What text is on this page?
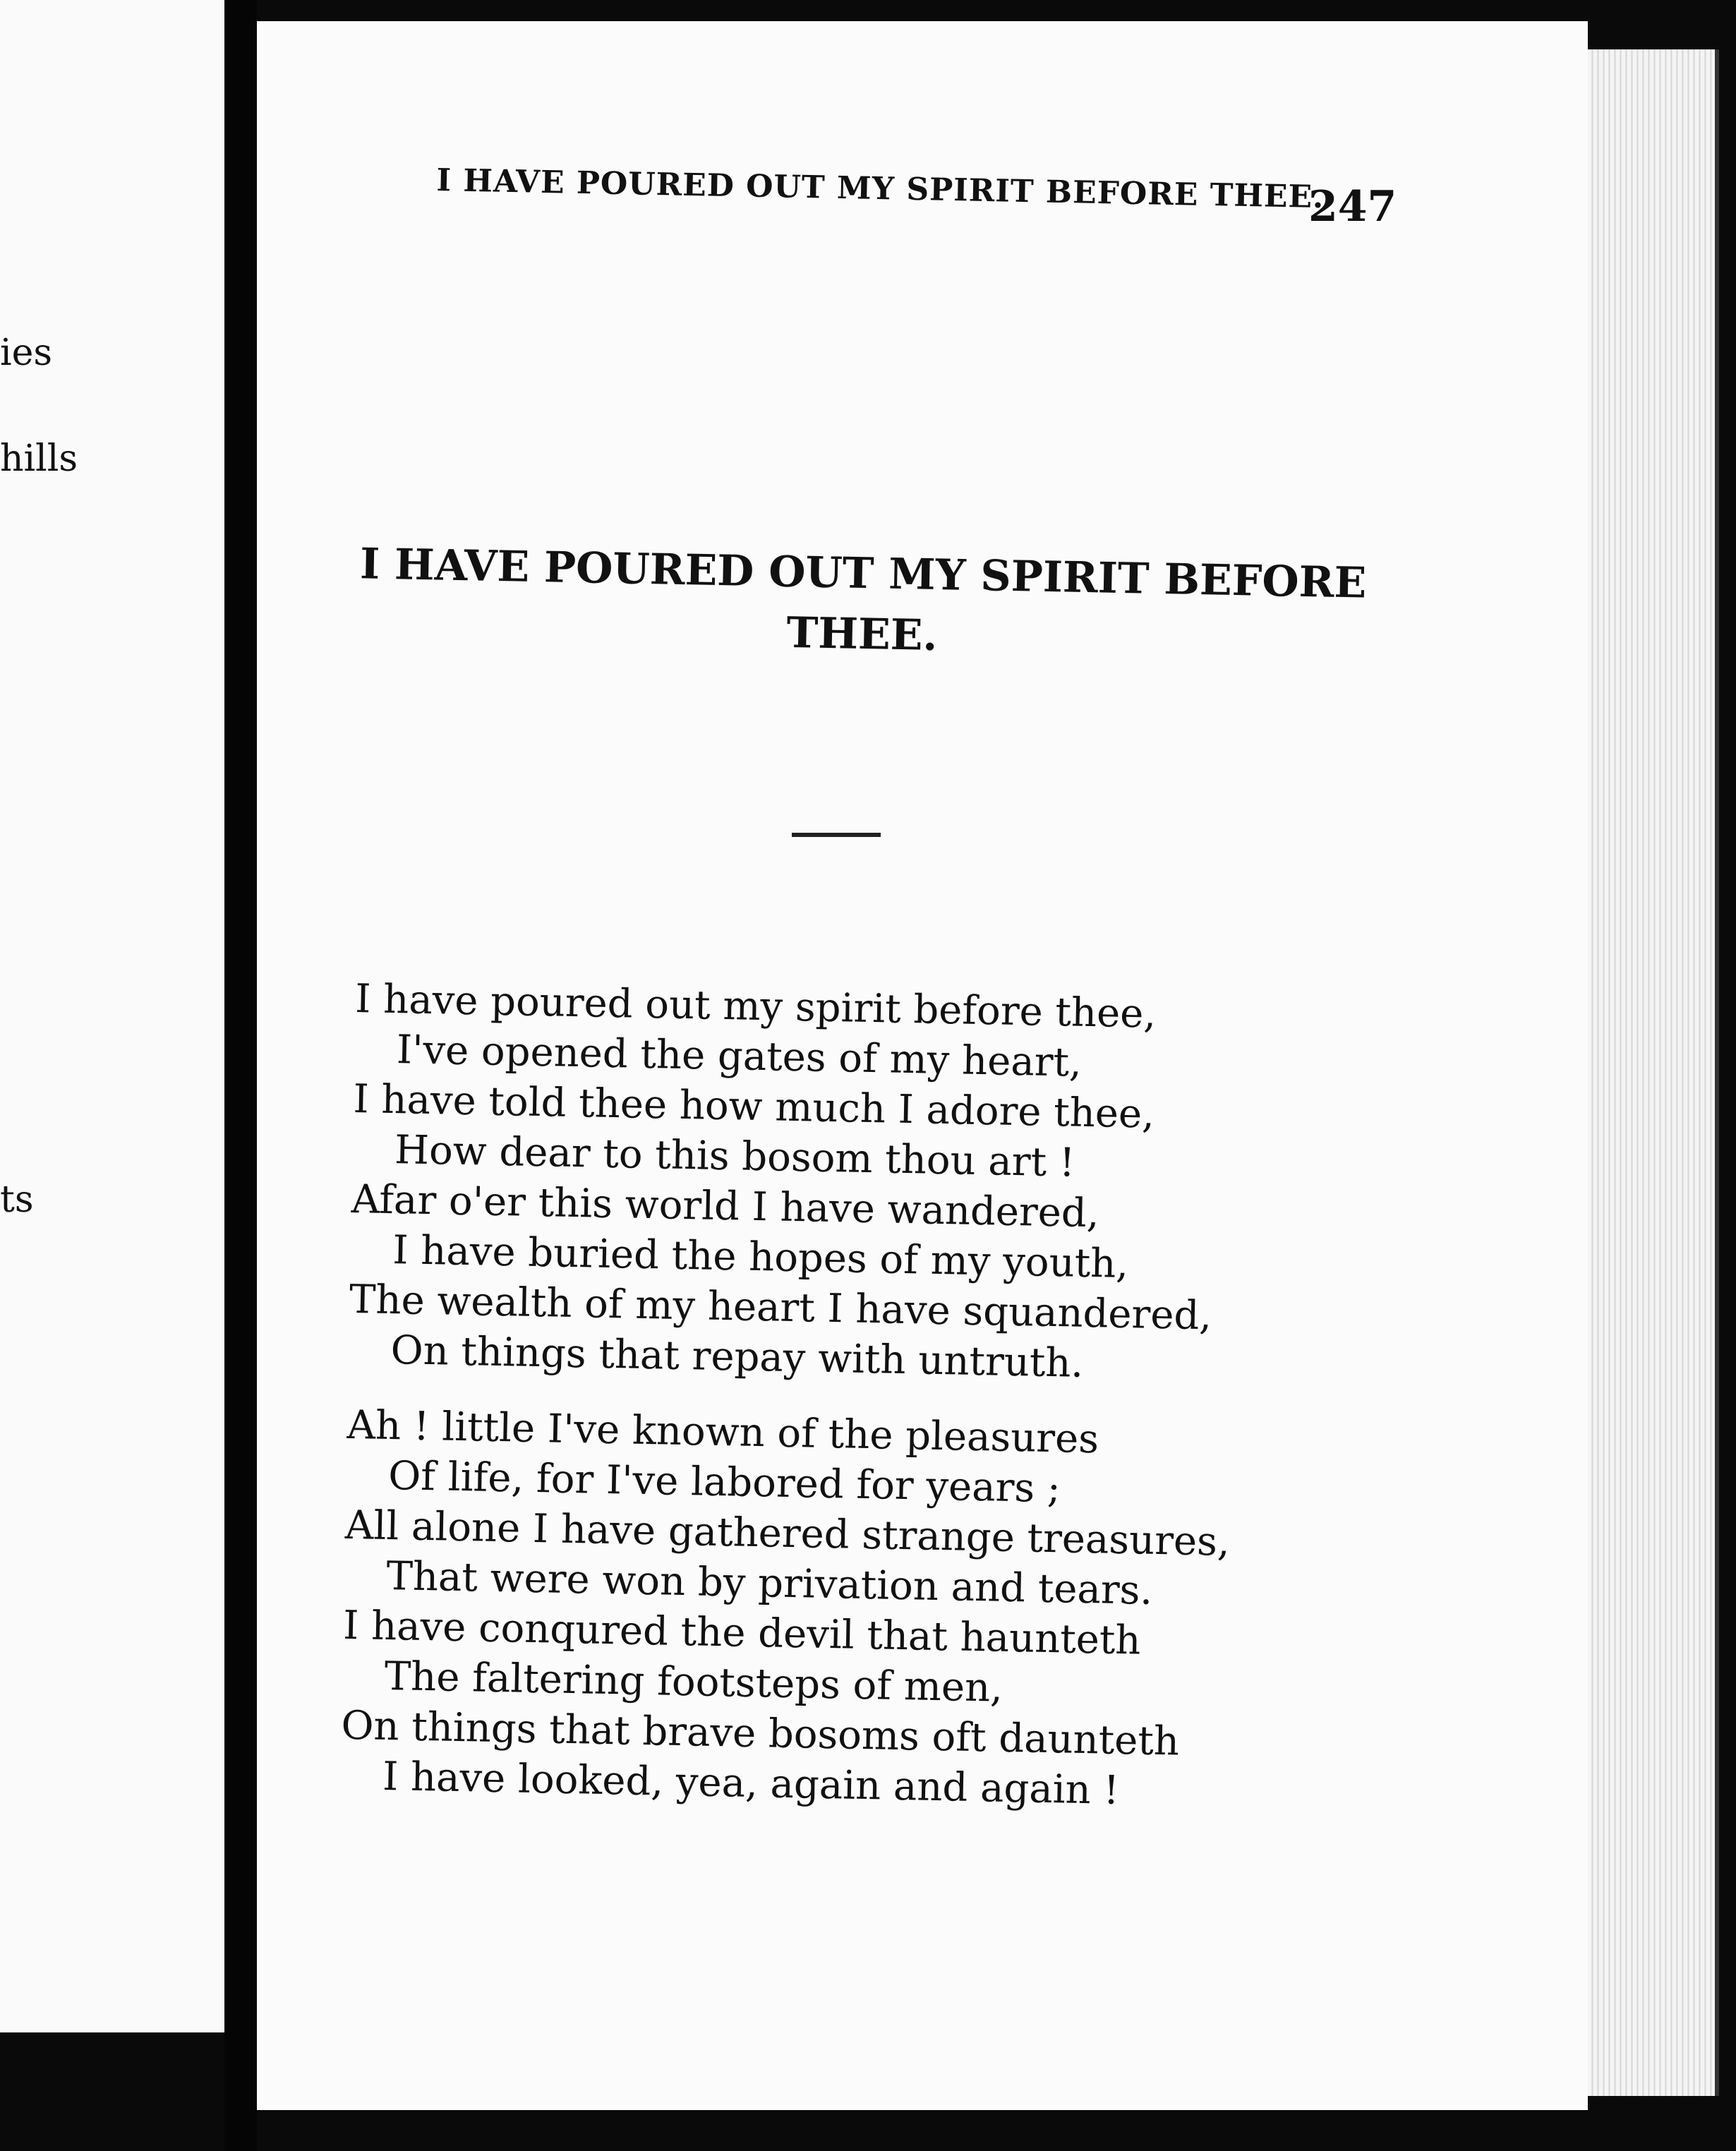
ies
hills
ts
I HAVE POURED OUT MY SPIRIT BEFORE THEE.
247
I HAVE POURED OUT MY SPIRIT BEFORE
THEE.
I have poured out my spirit before thee,
I've opened the gates of my heart,
I have told thee how much I adore thee,
How dear to this bosom thou art !
Afar o'er this world I have wandered,
I have buried the hopes of my youth,
The wealth of my heart I have squandered,
On things that repay with untruth.
Ah ! little I've known of the pleasures
Of life, for I've labored for years ;
All alone I have gathered strange treasures,
That were won by privation and tears.
I have conqured the devil that haunteth
The faltering footsteps of men,
On things that brave bosoms oft daunteth
I have looked, yea, again and again !
